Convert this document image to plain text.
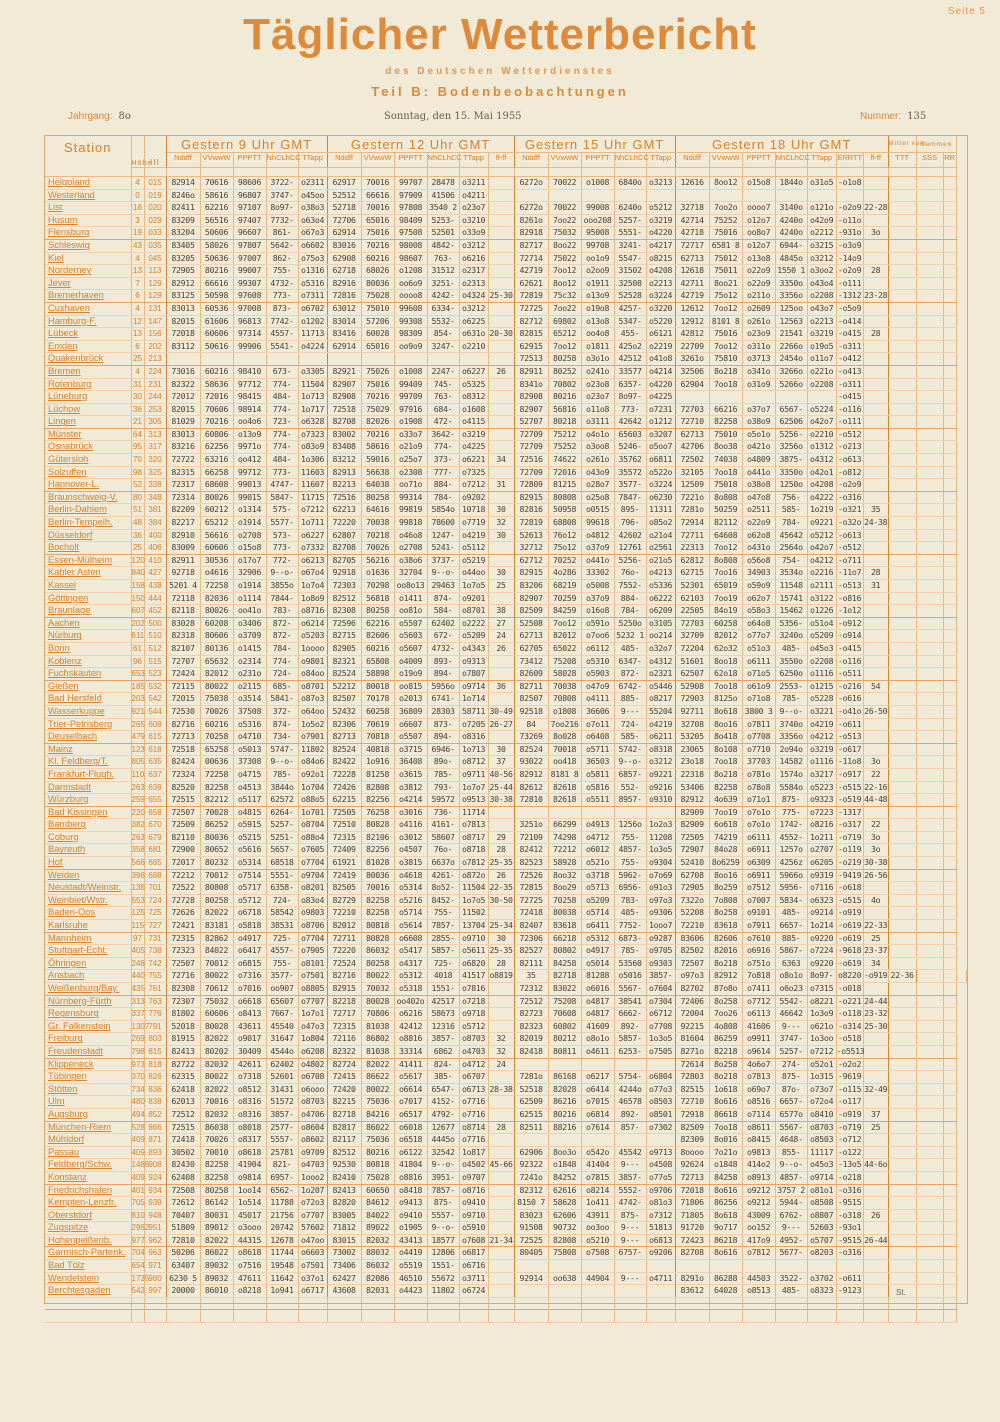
Seite 5
Täglicher Wetterbericht
des Deutschen Wetterdienstes
Teil B: Bodenbeobachtungen
Jahrgang: 8o	Sonntag, den 15. Mai 1955	Nummer: 135
Station	Höhe	III	Gestern 9 Uhr GMT					Gestern 12 Uhr GMT						Gestern 15 Uhr GMT					Gestern 18 Uhr GMT							Mittel vom:	Summen		
			Nddff	VVwwW	PPPTT	NhCLhCC	TTapp	Nddff	VVwwW	PPPTT	NhCLhCC	TTapp	ff-ff	Nddff	VVwwW	PPPTT	NhCLhCC	TTapp	Nddff	VVwwW	PPPTT	NhCLhCC	TTapp	ERRTT	ff-ff	TTT	SSS	RR	

Helgoland	4	015	82914	70616	98606	3722-	o2311	62917	70016	99707	28478	o3211		6272o	70022	o1008	6840o	o3213	12616	8oo12	o15o8	1844o	o31o5	-o1o8					
Westerland	0	019	8246o	58616	96807	3747-	o45oo	52512	66616	97909	41506	o4211																	
List	16	020	82411	62216	97107	8o97-	o38o3	52718	70016	97808	3540 2	o23o7		6272o	70022	99008	6240o	o5212	32718	7oo2o	oooo7	3140o	o121o	-o2o9	22-28				
Husum	3	029	83209	56516	97407	7732-	o63o4	72706	65016	98409	5253-	o3210		8261o	7oo22	ooo208	5257-	o3219	42714	75252	o12o7	4240o	o42o9	-o11o					
Flensburg	19	033	83204	50606	96607	861-	o67o3	62914	75016	97508	52501	o33o9		82918	75032	95008	5551-	o4220	42718	75016	oo8o7	4240o	o2212	-931o	3o				
Schleswig	43	035	83405	58026	97807	5642-	o6602	83016	70216	98008	4842-	o3212		82717	8oo22	99708	3241-	o4217	72717	6581 8	o12o7	6944-	o3215	-o3o9					
Kiel	4	045	83205	50636	97007	862-	o75o3	62908	60216	98607	763-	o6216		72714	75022	oo1o9	5547-	o8215	62713	75012	o13o8	4845o	o3212	-14o9					
Norderney	13	113	72905	80216	99007	755-	o1316	62718	68026	o1208	31512	o2317		42719	7oo12	o2oo9	31502	o4208	12618	75011	o22o9	1550 1	o3oo2	-o2o9	28				
Jever	7	129	82912	66616	99307	4732-	o5316	82916	80036	oo6o9	3251-	o2313		62621	8oo12	o1911	32508	o2213	42711	8oo21	o22o9	3350o	o43o4	-o111					
Bremerhaven	6	129	83125	50598	97608	773-	o7311	72816	75028	oooo8	4242-	o4324	25-30	72819	75c32	o13o9	52528	o3224	42719	75o12	o211o	3356o	o2208	-1312	23-28				
Cuxhaven	4	131	83013	60536	97008	873-	o6702	63012	75010	99608	6334-	o3212		72725	7oo22	o19o8	4257-	o3220	12612	7oo12	o2609	125oo	o43o7	-o5o9					
Hamburg-F.	12	147	82015	61606	96813	7742-	o1202	83014	57206	99308	5532-	o6225		82712	69802	o13o8	5347-	o5220	12912	8101 8	o261o	12563	o2213	-o414					
Lübeck	13	156	72018	60606	97314	4557-	11713	83416	60028	98309	854-	o631o	20-30	82815	65212	oo4o8	455-	o6121	42812	75016	o23o9	21541	o3219	-o415	28				
Emden	6	202	83112	50616	99906	5541-	o4224	62914	65016	oo9o9	3247-	o2210		62915	7oo12	o1811	425o2	o2219	22709	7oo12	o311o	2266o	o19o5	-o311					
Quakenbrück	25	213												72513	80258	o3o1o	42512	o41o8	3261o	75810	o3713	2454o	o11o7	-o412					
Bremen	4	224	73016	60216	98410	673-	o3305	82921	75026	o1008	2247-	o6227	26	82911	80252	o241o	33577	o4214	32506	8o218	o341o	3266o	o221o	-o413					
Rotenburg	31	231	82322	58636	97712	774-	11504	82907	75016	99409	745-	o5325		8341o	70802	o23o8	6357-	o4220	62904	7oo18	o31o9	5266o	o2208	-o311					
Lüneburg	30	244	72012	72016	98415	484-	1o713	82908	70216	99709	763-	o8312		82908	80216	o23o7	8o97-	o4225						-o415					
Lüchow	36	253	82015	70606	98914	774-	1o717	72518	75029	97916	684-	o1608		82907	56816	o11o8	773-	o7231	72703	66216	o37o7	6567-	o5224	-o116					
Lingen	21	305	81029	70216	oo4o6	723-	o6328	82708	82026	o1908	472-	o4115		52707	80218	o3111	42642	o1212	72710	82258	o38o9	62506	o42o7	-o111					
Münster	64	313	83013	60806	o13o9	774-	o7323	83002	70216	o33o7	3642-	o3219		72709	75212	o4o1o	65603	o3207	62713	75010	o5o1o	5256-	o2210	-o512					
Osnabrück	95	317	83216	62256	9971o	774-	o83o9	83408	58616	o21o9	774-	o4225		72709	75252	o3oo8	5246-	o5oo7	42706	8oo38	o421o	3256o	o1312	-o213					
Gütersloh	70	320	72722	63216	oo412	484-	1o306	83212	59016	o25o7	373-	o6221	34	72516	74622	o261o	35762	o6811	72502	74038	o4809	3875-	o4312	-o613					
Solzuffen	98	325	82315	66258	99712	773-	11603	82913	56638	o2308	777-	o7325		72709	72016	o43o9	35572	o522o	32105	7oo18	o441o	3350o	o42o1	-o812					
Hannover-L.	52	338	72317	68608	99013	4747-	11607	82213	64038	oo71o	884-	o7212	31	72809	81215	o28o7	3577-	o3224	12509	75018	o38o8	1250o	o4208	-o2o9					
Braunschweig-V.	80	348	72314	80026	99015	5847-	11715	72516	80258	99314	784-	o9202		82915	80808	o25o8	7847-	o6230	7221o	8o808	o47o8	756-	o4222	-o316					
Berlin-Dahlem	51	381	82209	60212	o1314	575-	o7212	62213	64616	99819	5854o	10718	30	82816	50958	o0515	895-	11311	7281o	50259	o2511	585-	1o219	-o321	35				
Berlin-Tempelh.	48	384	82217	65212	o1914	5577-	1o711	72220	70038	99818	78600	o7719	32	72819	68808	99618	796-	o85o2	72914	82112	o22o9	784-	o9221	-o32o	24-38				
Düsseldorf	36	400	82910	56616	o2708	573-	o6227	62807	70218	o46o8	1247-	o4219	30	52613	76o12	o4812	42602	o21o4	72711	64608	o62o8	45642	o5212	-o613					
Bocholt	25	406	83009	60606	o15o8	773-	o7332	82708	70026	o2708	5241-	o5112		32712	75o12	o37o9	12761	o2561	22313	7oo12	o431o	2564o	o42o7	-o512					
Essen-Mülheim	120	410	82911	30536	o17o7	772-	o6213	82705	56216	o38o6	3737-	o5219		62712	70252	o441o	5256-	o21o5	62812	8o808	o56o8	754-	o4212	-o711					
Kahler Asten	840	427	92718	o4616	32906	9--o-	o67o4	92918	o1636	32704	9--o-	o44oo	30	82915	4o286	33302	76o-	o4213	62715	7oo16	34903	3534o	o2216	-11o7	28				
Kassel	158	438	5201 4	72258	o1914	3855o	1o7o4	72303	70298	oo8o13	29463	1o7o5	25	83206	68219	o5008	7552-	o5336	52301	65019	o59o9	11548	o2111	-o513	31				
Göttingen	150	444	72118	82036	o1114	7844-	1o8o9	82512	56818	o1411	874-	o9201		82907	70259	o37o9	884-	o6222	62103	7oo19	o62o7	15741	o3122	-o816					
Braunlage	607	452	82118	80026	oo41o	783-	o8716	82308	80258	oo81o	584-	o8701	38	82509	84259	o16o8	784-	o6209	22505	84o19	o58o3	15462	o1226	-1o12					
Aachen	202	500	83028	60208	o3406	872-	o6214	72596	62216	o5507	62402	o2222	27	52508	7oo12	o591o	5250o	o3105	72703	60258	o64o8	5356-	o51o4	-o912					
Nürburg	611	510	82318	80606	o3709	872-	o5203	82715	82606	o5603	672-	o5209	24	62713	82012	o7oo6	5232 1	oo214	32709	82012	o77o7	3240o	o5209	-o914					
Bonn	61	512	82107	80136	o1415	784-	1oooo	82905	60216	o5607	4732-	o4343	26	62705	65022	o6112	485-	o32o7	72204	62o32	o51o3	485-	o45o3	-o415					
Koblenz	96	515	72707	65632	o2314	774-	o9801	82321	65808	o4009	893-	o9313		73412	75208	o5310	6347-	o4312	51601	8oo18	o6111	3550o	o2208	-o116					
Fuchskauten	653	523	72424	82012	o231o	724-	o84oo	82524	58898	o19o9	894-	o7807		82609	58028	o5903	872-	o2321	62507	62o18	o71o5	6250o	o1116	-o511					
Gießen	185	532	72115	80022	o2115	685-	o8701	52212	80018	oo815	5956o	o9714	36	82711	70038	o47o9	6742-	o5446	52908	7oo18	o61o9	2553-	o1215	-o216	54				
Bad Hersfeld	203	542	72015	75038	o3514	5841-	o87o3	82507	70178	o2013	6741-	1o714		82507	70808	o4111	885-	o8217	72903	8125o	o71o8	785-	o5228	-o616					
Wasserkuppe	921	544	72530	70026	37508	372-	o64oo	52432	60258	36809	28303	58711	30-49	92518	o1808	36606	9---	55204	92711	8o618	3800 3	9--o-	o3221	-o41o	26-50				
Trier-Petrisberg	265	609	82716	60216	o5316	874-	1o5o2	82306	70619	o6607	873-	o7205	26-27	84	7oo216	o7o11	724-	o4219	32708	8oo16	o7811	3740o	o4219	-o611					
Deuselbach	479	615	72713	70258	o4710	734-	o7901	82713	70818	o5507	894-	o8316		73269	8o028	o6408	585-	o6211	53205	8o418	o7708	3356o	o4212	-o513					
Mainz	123	618	72518	65258	o5013	5747-	11802	82524	40818	o3715	6946-	1o713	30	82524	70018	o5711	5742-	o8318	23065	8o108	o7710	2o94o	o3219	-o617					
Kl. Feldberg/T.	805	635	82424	00636	37308	9--o-	o84o6	82422	1o916	36408	89o-	o8712	37	93022	oo418	36503	9--o-	o3212	23o18	7oo18	37703	14582	o1116	-11o8	3o				
Frankfurt-Flugh.	110	637	72324	72258	o4715	785-	o92o1	72228	81258	o3615	785-	o9711	40-56	82912	8181 8	o5811	6857-	o9221	22318	8o218	o781o	1574o	o3217	-o917	22				
Darmstadt	263	639	82520	82258	o4513	3844o	1o704	72426	82808	o3812	793-	1o7o7	25-44	82612	82618	o5816	552-	o9216	53406	82258	o78o8	5584o	o5223	-o515	22-16				
Würzburg	259	655	72515	82212	o5117	62572	o88o5	62215	82256	o4214	59572	o9513	30-38	72810	82618	o5511	8957-	o9310	82912	4o639	o71o1	875-	o9323	-o519	44-48				
Bad Kissingen	220	658	72507	70028	o4815	6264-	1o701	72505	76258	o3016	736-	11714							82909	7oo19	o7o1o	775-	o7223	-1317					
Bamberg	382	670	72509	86252	o5915	5257-	o8704	72510	80828	o4116	4161-	o7813		3251o	66299	o4913	1256o	1o2o3	82909	6o618	o7o1o	1742-	o8216	-o317	22				
Coburg	263	679	82110	80036	o5215	5251-	o88o4	72315	82106	o3012	58607	o8717	29	72109	74298	o4712	755-	11208	72505	74219	o6111	4552-	1o211	-o719	3o				
Bayreuth	358	681	72900	80652	o5616	5657-	o7605	72409	82256	o4507	76o-	o8718	28	82412	72212	o6012	4857-	1o3o5	72907	84o28	o6911	1257o	o2707	-o119	3o				
Hof	566	685	72017	80232	o5314	68518	o7704	61921	81028	o3815	6637o	o7812	25-35	82523	58928	o521o	755-	o9304	52410	8o6259	o6309	4256z	o6205	-o219	30-38				
Weiden	396	688	72212	70012	o7514	5551-	o9704	72419	80036	o4618	4261-	o872o	26	72526	8oo32	o3718	5962-	o7o69	62708	8oo16	o6911	5966o	o9319	-9419	26-56				
Neustadt/Weinstr.	136	701	72522	80808	o5717	6358-	o8201	82505	70016	o5314	8o52-	11504	22-35	72815	8oo29	o5713	6956-	o91o3	72905	8o259	o7512	5956-	o7116	-o618					
Weinbiet/Wstr.	553	724	72728	80258	o5712	724-	o83o4	82729	82258	o5216	8452-	1o7o5	30-50	72725	70258	o5209	783-	o97o3	7322o	7o808	o7007	5834-	o6323	-o515	4o				
Baden-Oos	125	725	72626	82022	o6718	58542	o9803	72210	82258	o5714	755-	11502		72418	80038	o5714	485-	o9306	52208	8o258	o9101	485-	o9214	-o919					
Karlsruhe	115	727	72421	83181	o5818	38531	o8706	82012	80818	o5614	7857-	13704	25-34	82407	83618	o6411	7752-	1ooo7	72210	83618	o7911	6657-	1o214	-o619	22-33				
Mannheim	97	731	72315	82862	o4917	725-	o7704	72711	80828	o6608	2855-	o9710	30	72306	66218	o5312	6873-	o9287	83606	82606	o7610	885-	o9220	-o619	25				
Stuttgart-Echt.	405	738	72323	84022	o6417	4557-	o7905	72220	86032	o5417	5857-	o5611	25-35	82527	80802	o4917	785-	o9705	82502	82016	o6916	5867-	o7224	-9618	23-37				
Öhringen	248	742	72507	70012	o6815	755-	o8101	72524	80258	o4317	725-	o6820	28	82111	84258	o5014	53560	o9303	72507	8o218	o751o	6363	o9220	-o619	34				
Ansbach	440	755	72716	80022	o7316	3577-	o7501	82716	80022	o5312	4018	41517	o8819	35	82718	81288	o5016	3857-	o97o3	82912	7o818	o8o1o	8o97-	o8220	-o919	22-36			
Weißenburg/Bay.	435	761	82308	70612	o7016	oo907	o8805	82915	70032	o5318	1551-	o7816		72312	83022	o6016	5567-	o7604	82702	87o8o	o7411	o6o23	o7315	-o018					
Nürnberg-Fürth	313	763	72307	75032	o6618	65607	o7707	82218	80028	oo402o	42517	o7218		72512	75208	o4817	38541	o7304	72406	8o258	o7712	5542-	o8221	-o221	24-44				
Regensburg	337	776	81802	60606	o8413	7667-	1o7o1	72717	70806	o6216	58673	o9718		82723	70608	o4817	6662-	o6712	72004	7oo26	o6113	46642	1o3o9	-o118	23-32				
Gr. Falkenstein	1307	791	52018	80028	43611	45540	o47o3	72315	81038	42412	12316	o5712		82323	60802	41609	892-	o7708	92215	4o808	41606	9---	o621o	-o314	25-30				
Freiburg	269	803	81915	82022	o9017	31647	1o804	72116	86802	o8816	3857-	o8703	32	82019	80212	o8o1o	5857-	1o3o5	81604	86259	o9911	3747-	1o3oo	-o518					
Freudenstadt	798	815	82413	80202	30409	4544o	o6208	82322	81038	33314	6862	o4703	32	82418	80811	o4611	6253-	o7505	8271o	82218	o9614	5257-	o7212	-o5513					
Klippeneck	973	818	82722	82032	42611	62402	o4802	82724	82022	41411	824-	o4712	24						72614	8o258	4o6o7	274-	o52o1	-o2o2					
Tübingen	370	826	62315	80022	o7318	52601	o6708	72415	86622	o5617	385-	o6707		7281o	86168	o6217	5754-	o6804	72803	8o218	o7813	875-	1o315	-9619					
Stötten	734	836	62418	82022	o8512	31431	o6ooo	72420	80022	o6614	6547-	o6713	28-38	52518	82028	o6414	4244o	o77o3	82515	1o618	o69o7	87o-	o73o7	-o115	32-49				
Ulm	480	838	62013	70016	o8316	51572	o8703	82215	75036	o7017	4152-	o7716		62509	86216	o7015	46578	o8503	72710	8o616	o8516	6657-	o72o4	-o117					
Augsburg	494	852	72512	82032	o8316	3857-	o4706	82718	84216	o6517	4792-	o7716		62515	80216	o6814	892-	o8501	72918	86618	o7114	6577o	o8410	-o919	37				
München-Riem	528	866	72515	86038	o8018	2577-	o8604	82817	86022	o6018	12677	o8714	28	82511	88216	o7614	857-	o7302	82509	7oo18	o8611	5567-	o8703	-o719	25				
Mühldorf	409	871	72418	70026	o8317	5557-	o8602	82117	75036	o6518	4445o	o7716							82309	8o016	o8415	4648-	o8503	-o712					
Passau	409	893	30502	70010	o8618	25781	o9709	82512	80216	o6122	32542	1o817		62906	8oo3o	o542o	45542	o9713	8oooo	7o21o	o9813	855-	11117	-o122					
Feldberg/Schw.	1486	908	82430	82258	41904	821-	o4703	92530	80818	41804	9--o-	o4502	45-66	92322	o1848	41404	9---	o4508	92624	o1848	414o2	9--o-	o45o3	-13o5	44-6o				
Konstanz	409	924	62408	82258	o9814	6957-	1ooo2	82410	75028	o8816	3951-	o9707		7241o	84252	o7815	3857-	o77o5	72713	84258	o8913	4857-	o9714	-o218					
Friedrichshafen	401	934	72508	80258	1oo14	6562-	1o207	82413	60650	o8418	7857-	o8716		82312	62616	o8214	5552-	o9706	72018	8o616	o9212	3757 2	o81o1	-o316					
Kempten-Lenzfr.	705	939	72612	86142	1o514	11788	o72o3	82820	84612	o9413	875-	o9410		8150 7	58628	1o411	4742-	o81o3	71806	86256	o9212	5944-	o8508	-9515					
Oberstdorf	810	948	70407	80031	45017	21756	o7707	83005	84022	o9410	5557-	o9710		83023	62606	43911	875-	o7312	71805	8o618	43009	6762-	o8807	-o318	26				
Zugspitze	2962	951	51809	89012	o3ooo	20742	57602	71812	89022	o1905	9--o-	o5910		91508	90732	oo3oo	9---	51813	91720	9o717	oo152	9---	52603	-93o1					
Hohenpeißenb.	977	962	72810	82022	44315	12678	o47oo	83015	82032	43413	18577	o7608	21-34	72525	82808	o5210	9---	o6813	72423	86218	417o9	4952-	o5707	-9515	26-44				
Garmisch-Partenk.	704	963	50206	86022	o8618	11744	o6603	73002	88032	o4419	12806	o6817		80405	75808	o7508	6757-	o9206	82708	8o616	o7812	5677-	o8203	-o316					
Bad Tölz	654	971	63407	89032	o7516	19548	o7501	73406	86032	o5519	1551-	o6716																	
Wendelstein	1735	980	6230 5	89032	47611	11642	o37o1	62427	82086	46510	55672	o3711		92914	oo638	44904	9---	o4711	8291o	86288	44503	3522-	o3702	-o611					
Berchtesgaden	542	997	20000	86010	o8218	1o941	o6717	43608	82031	o4423	11802	o6724							83612	64028	o8513	485-	o8323	-9123					

																													St.
